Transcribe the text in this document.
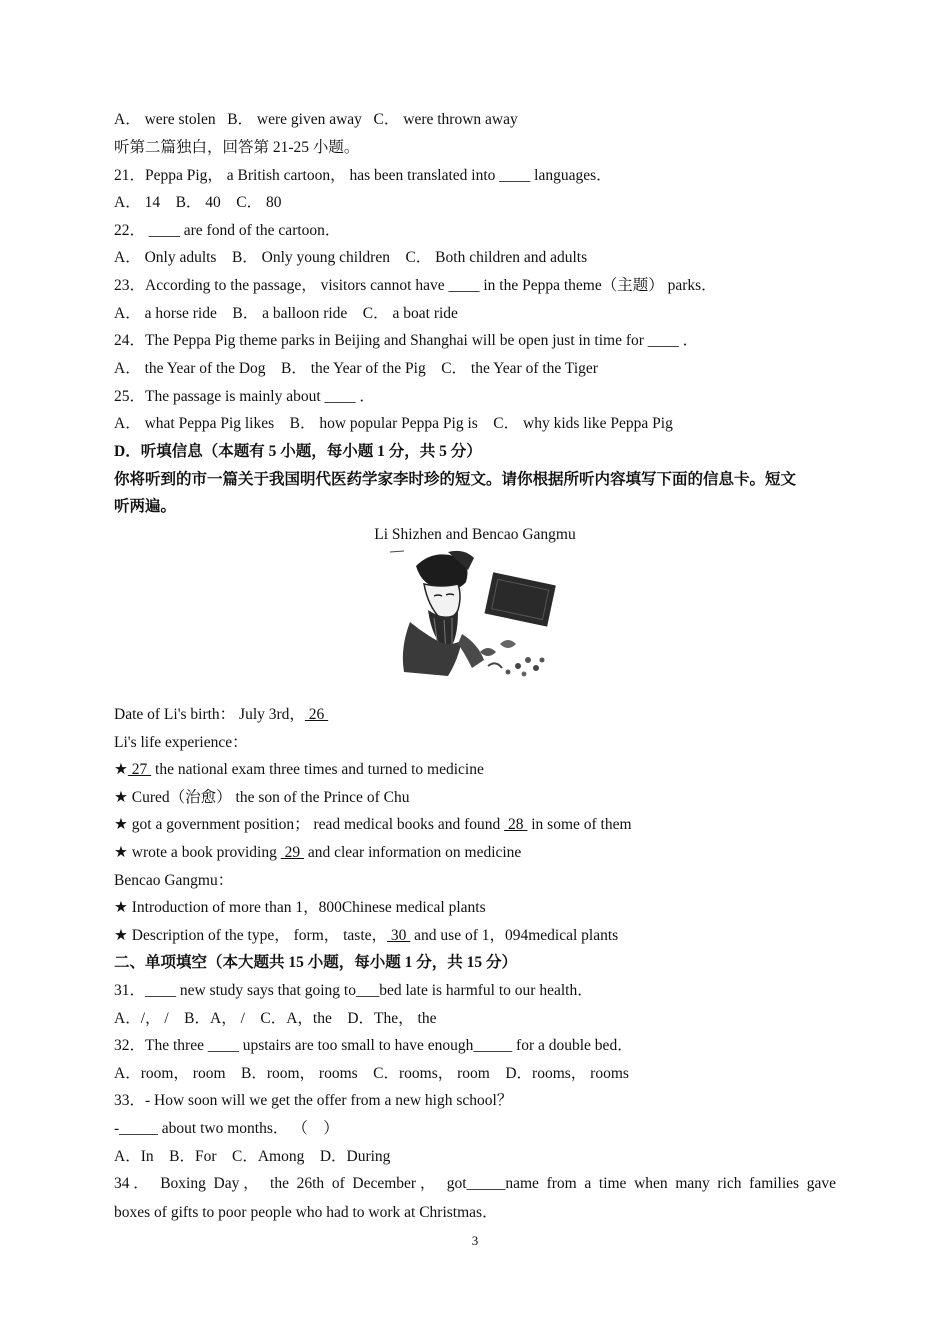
A． were stolen   B． were given away   C． were thrown away
听第二篇独白，回答第 21-25 小题。
21．Peppa Pig， a British cartoon， has been translated into ____ languages．
A． 14    B． 40    C． 80
22． ____ are fond of the cartoon．
A． Only adults    B． Only young children    C． Both children and adults
23．According to the passage， visitors cannot have ____ in the Peppa theme（主题） parks．
A． a horse ride    B． a balloon ride    C． a boat ride
24．The Peppa Pig theme parks in Beijing and Shanghai will be open just in time for ____ ．
A． the Year of the Dog    B． the Year of the Pig    C． the Year of the Tiger
25．The passage is mainly about ____ ．
A． what Peppa Pig likes    B． how popular Peppa Pig is    C． why kids like Peppa Pig
D．听填信息（本题有 5 小题，每小题 1 分，共 5 分）
你将听到的市一篇关于我国明代医药学家李时珍的短文。请你根据所听内容填写下面的信息卡。短文
听两遍。
Li Shizhen and Bencao Gangmu
Date of Li's birth： July 3rd， 26
Li's life experience：
★ 27  the national exam three times and turned to medicine
★ Cured（治愈） the son of the Prince of Chu
★ got a government position； read medical books and found  28  in some of them
★ wrote a book providing  29  and clear information on medicine
Bencao Gangmu：
★ Introduction of more than 1，800Chinese medical plants
★ Description of the type， form， taste， 30  and use of 1，094medical plants
二、单项填空（本大题共 15 小题，每小题 1 分，共 15 分）
31．____ new study says that going to___bed late is harmful to our health．
A．/， /    B．A， /    C．A，the    D．The， the
32．The three ____ upstairs are too small to have enough_____ for a double bed．
A．room， room    B．room， rooms    C．rooms， room    D．rooms， rooms
33．- How soon will we get the offer from a new high school？
-_____ about two months． （    ）
A．In    B．For    C．Among    D．During
34． Boxing Day， the 26th of December， got_____name from a time when many rich families gave
boxes of gifts to poor people who had to work at Christmas．
3
